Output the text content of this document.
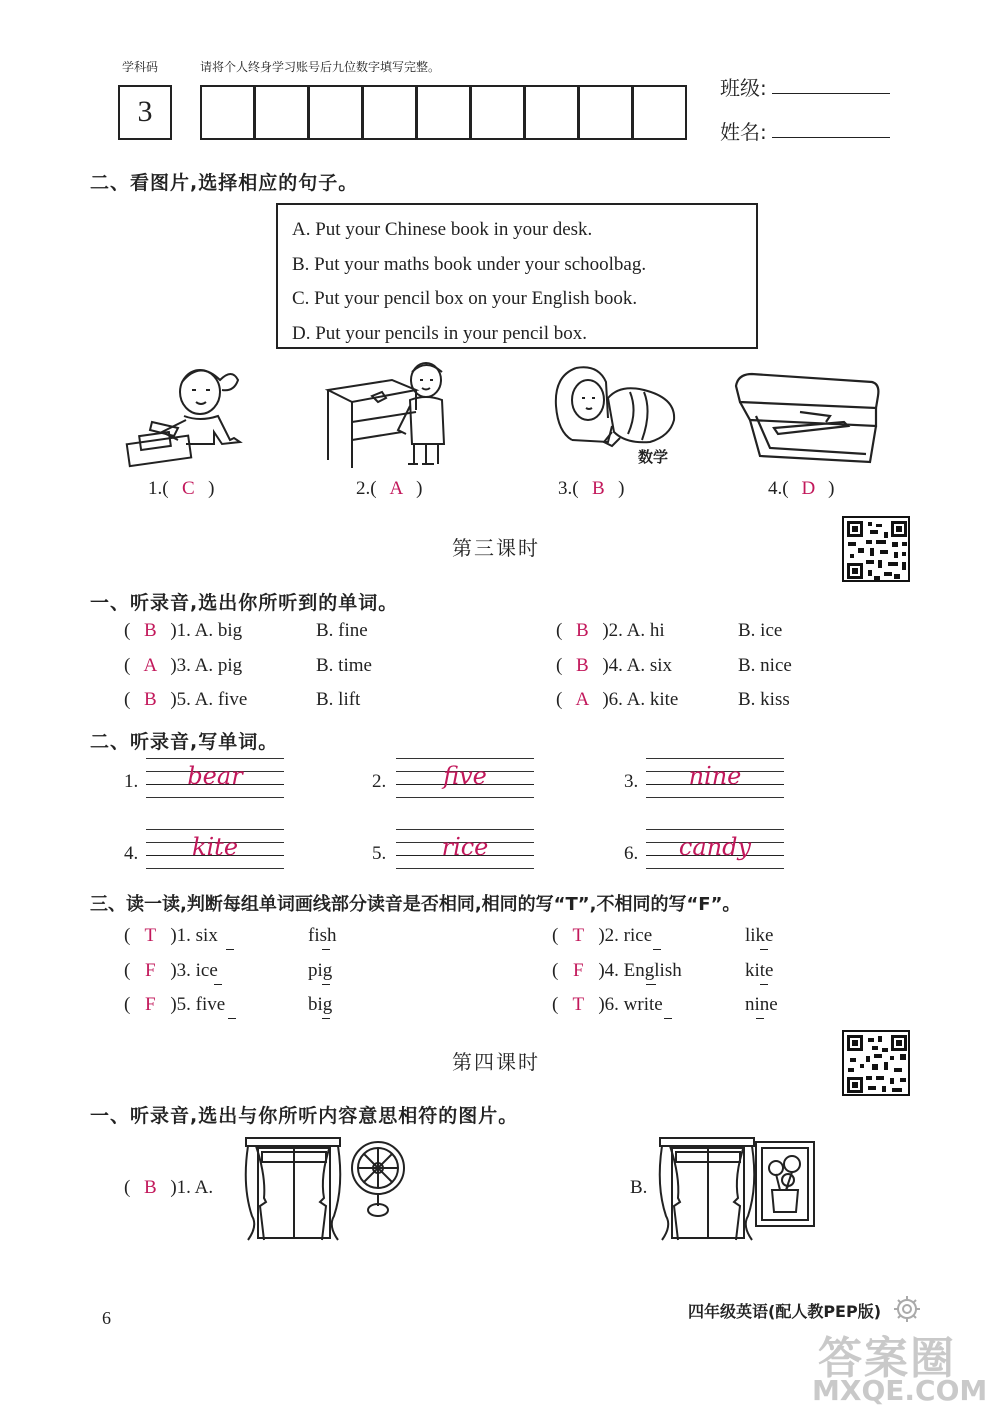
学科码	请将个人终身学习账号后九位数字填写完整。
3
班级:
姓名:
二、看图片,选择相应的句子。
A. Put your Chinese book in your desk.
B. Put your maths book under your schoolbag.
C. Put your pencil box on your English book.
D. Put your pencils in your pencil box.
数学
1.( C )	2.( A )	3.( B )	4.( D )
第三课时
一、听录音,选出你所听到的单词。
( B )1. A. big	B. fine	( B )2. A. hi	B. ice
( A )3. A. pig	B. time	( B )4. A. six	B. nice
( B )5. A. five	B. lift	( A )6. A. kite	B. kiss
二、听录音,写单词。
1.	bear	2.	five	3.	nine
4.	kite	5.	rice	6.	candy
三、读一读,判断每组单词画线部分读音是否相同,相同的写“T”,不相同的写“F”。
( T )1. six	fish	( T )2. rice	like
( F )3. ice	pig	( F )4. English	kite
( F )5. five	big	( T )6. write	nine
第四课时
一、听录音,选出与你所听内容意思相符的图片。
( B )1. A.	B.
6	四年级英语(配人教PEP版)
答案圈
MXQE.COM
